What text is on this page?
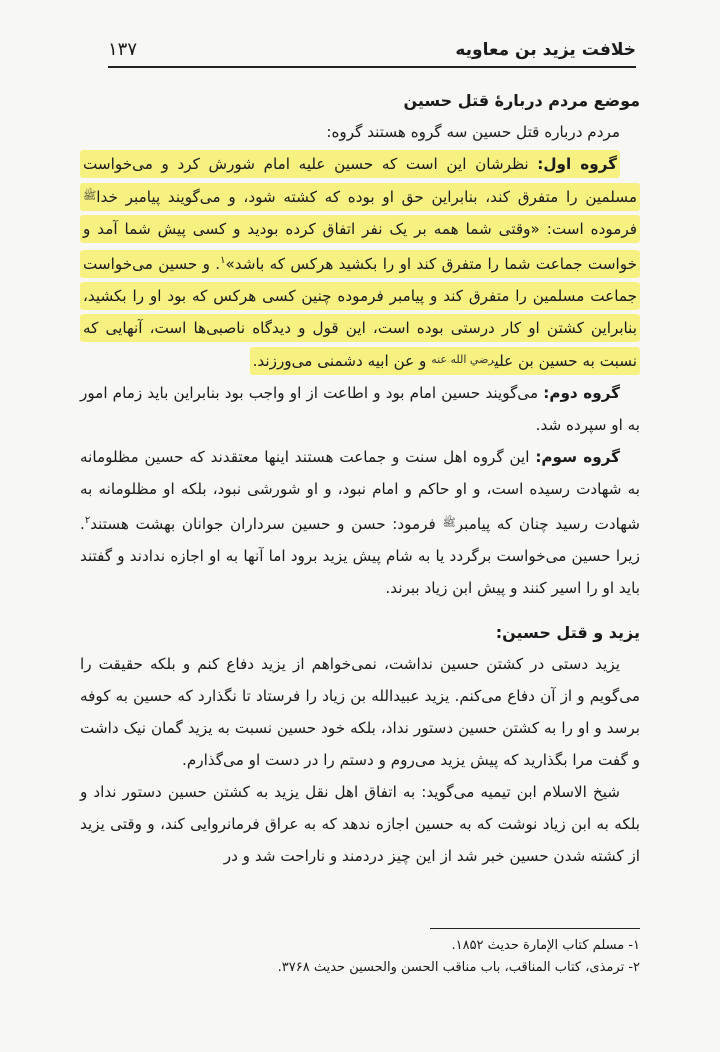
خلافت یزید بن معاویه
۱۳۷
موضع مردم دربارهٔ قتل حسین

مردم درباره قتل حسین سه گروه هستند گروه:

گروه اول: نظرشان این است که حسین علیه امام شورش کرد و می‌خواست مسلمین را متفرق کند، بنابراین حق او بوده که کشته شود، و می‌گویند پیامبر خداﷺ فرموده است: «وقتی شما همه بر یک نفر اتفاق کرده بودید و کسی پیش شما آمد و خواست جماعت شما را متفرق کند او را بکشید هرکس که باشد»$^۱$. و حسین می‌خواست جماعت مسلمین را متفرق کند و پیامبر فرموده چنین کسی هرکس که بود او را بکشید، بنابراین کشتن او کار درستی بوده است، این قول و دیدگاه ناصبی‌ها است، آنهایی که نسبت به حسین بن علیرضي الله عنه و عن ابیه دشمنی می‌ورزند.

گروه دوم: می‌گویند حسین امام بود و اطاعت از او واجب بود بنابراین باید زمام امور به او سپرده شد.

گروه سوم: این گروه اهل سنت و جماعت هستند اینها معتقدند که حسین مظلومانه به شهادت رسیده است، و او حاکم و امام نبود، و او شورشی نبود، بلکه او مظلومانه به شهادت رسید چنان که پیامبرﷺ فرمود: حسن و حسین سرداران جوانان بهشت هستند$^۲$. زیرا حسین می‌خواست برگردد یا به شام پیش یزید برود اما آنها به او اجازه ندادند و گفتند باید او را اسیر کنند و پیش ابن زیاد ببرند.

یزید و قتل حسین:

یزید دستی در کشتن حسین نداشت، نمی‌خواهم از یزید دفاع کنم و بلکه حقیقت را می‌گویم و از آن دفاع می‌کنم. یزید عبیدالله بن زیاد را فرستاد تا نگذارد که حسین به کوفه برسد و او را به کشتن حسین دستور نداد، بلکه خود حسین نسبت به یزید گمان نیک داشت و گفت مرا بگذارید که پیش یزید می‌روم و دستم را در دست او می‌گذارم.

شیخ الاسلام ابن تیمیه می‌گوید: به اتفاق اهل نقل یزید به کشتن حسین دستور نداد و بلکه به ابن زیاد نوشت که به حسین اجازه ندهد که به عراق فرمانروایی کند، و وقتی یزید از کشته شدن حسین خبر شد از این چیز دردمند و ناراحت شد و در

۱- مسلم کتاب الإمارة حدیث ۱۸۵۲.

۲- ترمذی، کتاب المناقب، باب مناقب الحسن والحسین حدیث ۳۷۶۸.
